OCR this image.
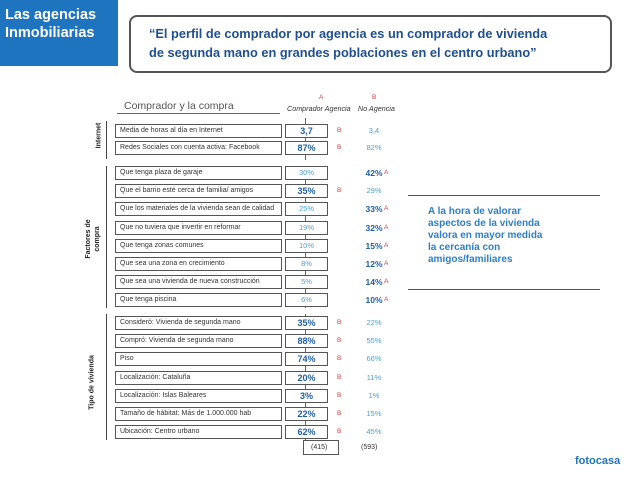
Las agencias
Inmobiliarias	“El perfil de comprador por agencia es un comprador de vivienda
de segunda mano en grandes poblaciones en el centro urbano”
Comprador y la compra
A	B
Comprador Agencia No Agencia
Internet
Factores de compra
Tipo de vivienda
Media de horas al día en Internet	3,7	B	3,4
Redes Sociales con cuenta activa: Facebook	87%	B	82%
Que tenga plaza de garaje	30%	42% A
Que el barrio esté cerca de familia/ amigos	35%	B	29%
Que los materiales de la vivienda sean de calidad	25%	33% A
Que no tuviera que invertir en reformar	19%	32% A
Que tenga zonas comunes	10%	15% A
Que sea una zona en crecimiento	8%	12% A
Que sea una vivienda de nueva construcción	5%	14% A
Que tenga piscina	6%	10% A
Consideró: Vivienda de segunda mano	35%	B	22%
Compró: Vivienda de segunda mano	88%	B	55%
Piso	74%	B	66%
Localización: Cataluña	20%	B	11%
Localización: Islas Baleares	3%	B	1%
Tamaño de hábitat: Más de 1.000.000 hab	22%	B	15%
Ubicación: Centro urbano	62%	B	45%
(415)	(593)
A la hora de valorar aspectos de la vivienda valora en mayor medida la cercanía con amigos/familiares
fotocasa
